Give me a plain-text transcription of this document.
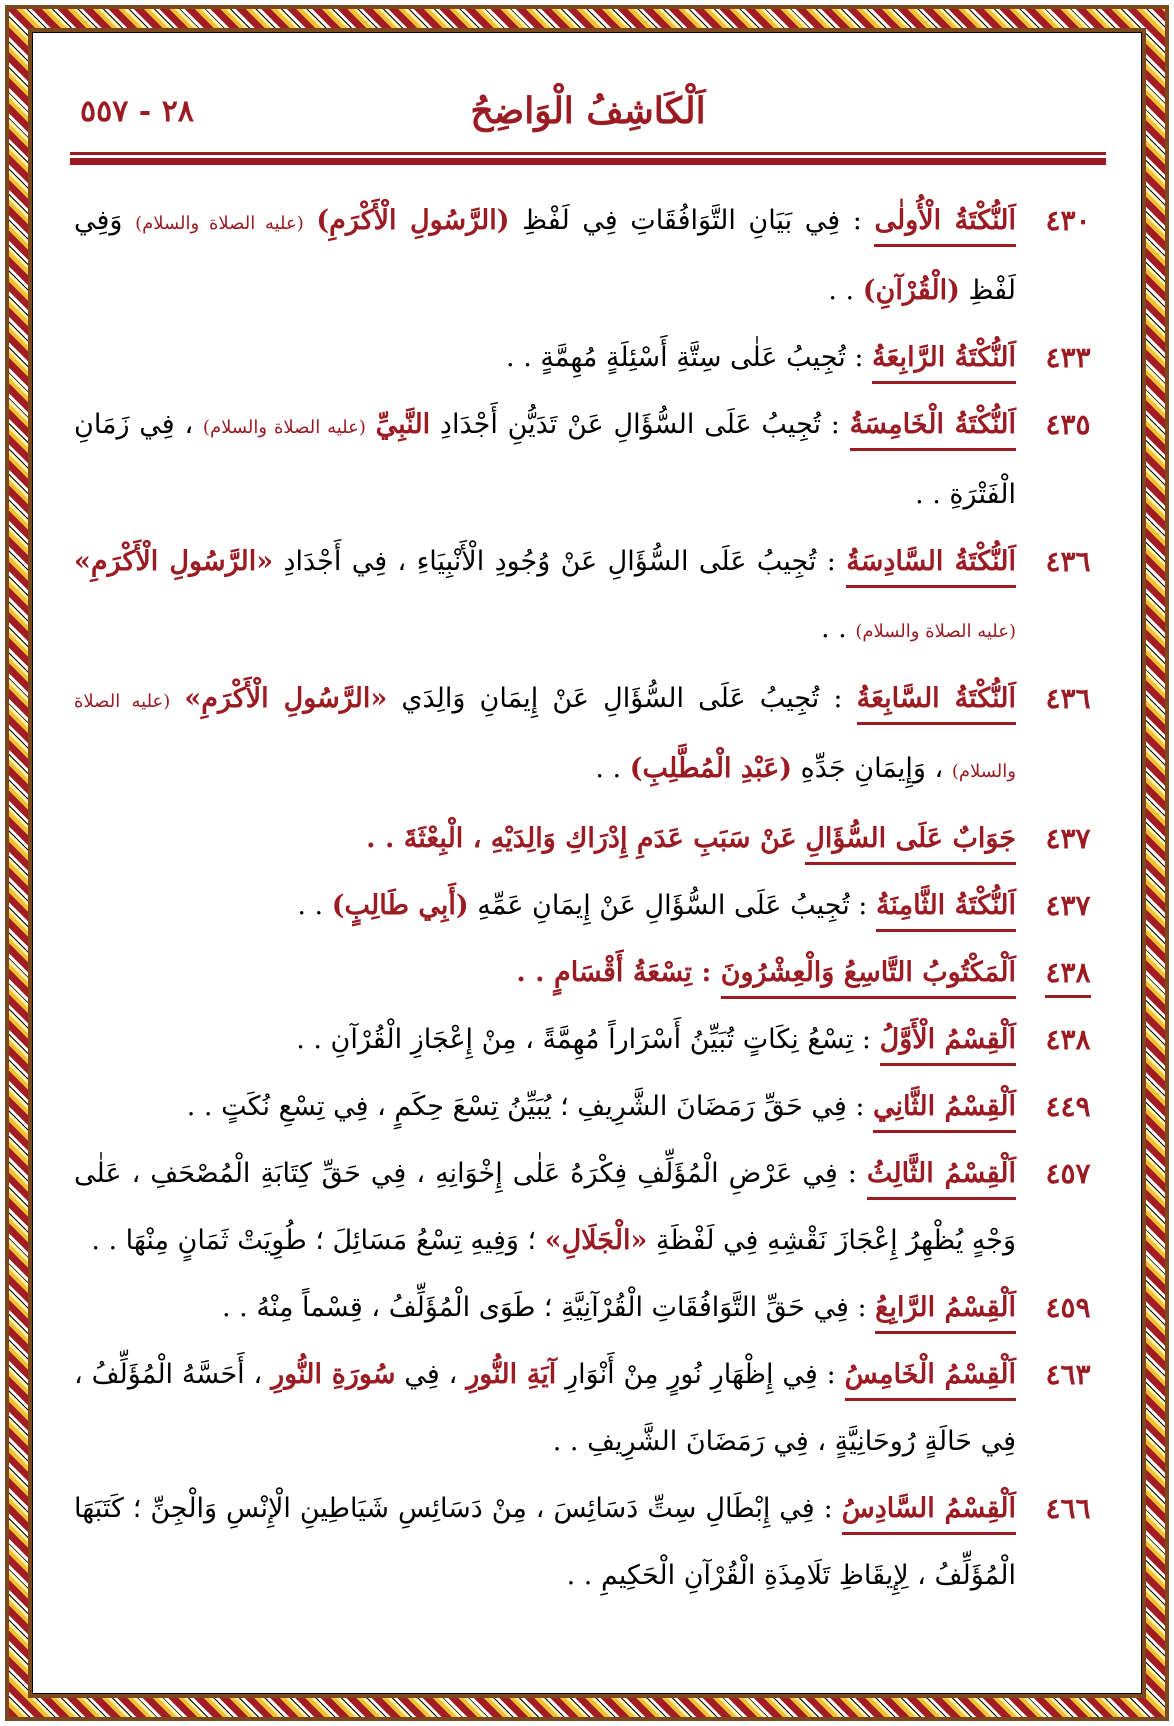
اَلْكَاشِفُ الْوَاضِحُ
٢٨ - ٥٥٧
٤٣٠
اَلنُّكْتَةُ الْأُولٰى : فِي بَيَانِ التَّوَافُقَاتِ فِي لَفْظِ (الرَّسُولِ الْأَكْرَمِ) (عليه الصلاة والسلام) وَفِي لَفْظِ (الْقُرْآنِ) . .
٤٣٣
اَلنُّكْتَةُ الرَّابِعَةُ : تُجِيبُ عَلٰى سِتَّةِ أَسْئِلَةٍ مُهِمَّةٍ . .
٤٣٥
اَلنُّكْتَةُ الْخَامِسَةُ : تُجِيبُ عَلَى السُّؤَالِ عَنْ تَدَيُّنِ أَجْدَادِ النَّبِيِّ (عليه الصلاة والسلام) ، فِي زَمَانِ الْفَتْرَةِ . .
٤٣٦
اَلنُّكْتَةُ السَّادِسَةُ : تُجِيبُ عَلَى السُّؤَالِ عَنْ وُجُودِ الْأَنْبِيَاءِ ، فِي أَجْدَادِ «الرَّسُولِ الْأَكْرَمِ» (عليه الصلاة والسلام) . .
٤٣٦
اَلنُّكْتَةُ السَّابِعَةُ : تُجِيبُ عَلَى السُّؤَالِ عَنْ إِيمَانِ وَالِدَي «الرَّسُولِ الْأَكْرَمِ» (عليه الصلاة والسلام) ، وَإِيمَانِ جَدِّهِ (عَبْدِ الْمُطَّلِبِ) . .
٤٣٧
جَوَابٌ عَلَى السُّؤَالِ عَنْ سَبَبِ عَدَمِ إِدْرَاكِ وَالِدَيْهِ ، الْبِعْثَةَ . .
٤٣٧
اَلنُّكْتَةُ الثَّامِنَةُ : تُجِيبُ عَلَى السُّؤَالِ عَنْ إِيمَانِ عَمِّهِ (أَبِي طَالِبٍ) . .
٤٣٨
اَلْمَكْتُوبُ التَّاسِعُ وَالْعِشْرُونَ : تِسْعَةُ أَقْسَامٍ . .
٤٣٨
اَلْقِسْمُ الْأَوَّلُ : تِسْعُ نِكَاتٍ تُبَيِّنُ أَسْرَاراً مُهِمَّةً ، مِنْ إِعْجَازِ الْقُرْآنِ . .
٤٤٩
اَلْقِسْمُ الثَّانِي : فِي حَقِّ رَمَضَانَ الشَّرِيفِ ؛ يُبَيِّنُ تِسْعَ حِكَمٍ ، فِي تِسْعِ نُكَتٍ . .
٤٥٧
اَلْقِسْمُ الثَّالِثُ : فِي عَرْضِ الْمُؤَلِّفِ فِكْرَهُ عَلٰى إِخْوَانِهِ ، فِي حَقِّ كِتَابَةِ الْمُصْحَفِ ، عَلٰى وَجْهٍ يُظْهِرُ إِعْجَازَ نَقْشِهِ فِي لَفْظَةِ «الْجَلَالِ» ؛ وَفِيهِ تِسْعُ مَسَائِلَ ؛ طُوِيَتْ ثَمَانٍ مِنْهَا . .
٤٥٩
اَلْقِسْمُ الرَّابِعُ : فِي حَقِّ التَّوَافُقَاتِ الْقُرْآنِيَّةِ ؛ طَوَى الْمُؤَلِّفُ ، قِسْماً مِنْهُ . .
٤٦٣
اَلْقِسْمُ الْخَامِسُ : فِي إِظْهَارِ نُورٍ مِنْ أَنْوَارِ آيَةِ النُّورِ ، فِي سُورَةِ النُّورِ ، أَحَسَّهُ الْمُؤَلِّفُ ، فِي حَالَةٍ رُوحَانِيَّةٍ ، فِي رَمَضَانَ الشَّرِيفِ . .
٤٦٦
اَلْقِسْمُ السَّادِسُ : فِي إِبْطَالِ سِتِّ دَسَائِسَ ، مِنْ دَسَائِسِ شَيَاطِينِ الْإِنْسِ وَالْجِنِّ ؛ كَتَبَهَا الْمُؤَلِّفُ ، لِإِيقَاظِ تَلَامِذَةِ الْقُرْآنِ الْحَكِيمِ . .
